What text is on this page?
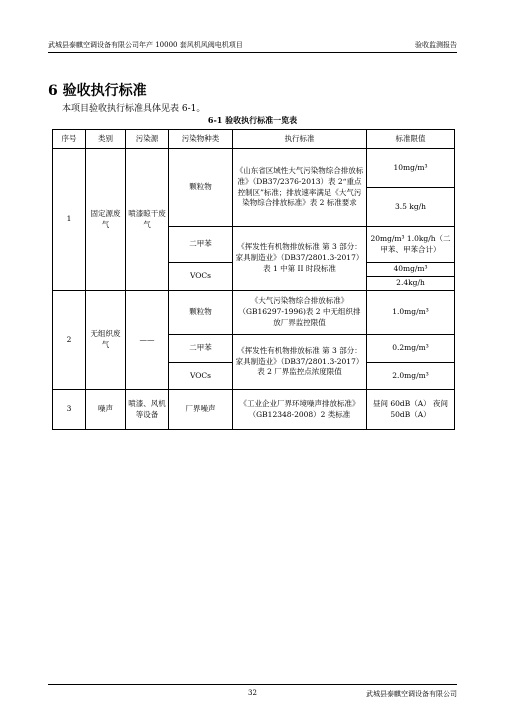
武城县泰麒空调设备有限公司年产 10000 套风机风阀电机项目	验收监测报告
6 验收执行标准
本项目验收执行标准具体见表 6-1。
6-1 验收执行标准一览表
序号	类别	污染源	污染物种类	执行标准	标准限值
1	固定源废气	喷漆晾干废气	颗粒物	《山东省区域性大气污染物综合排放标准》（DB37/2376-2013）表 2“重点控制区”标准；排放速率满足《大气污染物综合排放标准》表 2 标准要求	10mg/m³
					3.5 kg/h
			二甲苯	《挥发性有机物排放标准 第 3 部分：家具制造业》（DB37/2801.3-2017）表 1 中第 II 时段标准	20mg/m³ 1.0kg/h（二甲苯、甲苯合计）
			VOCs		40mg/m³
					2.4kg/h
2	无组织废气	——	颗粒物	《大气污染物综合排放标准》（GB16297-1996)表 2 中无组织排放厂界监控限值	1.0mg/m³
			二甲苯	《挥发性有机物排放标准 第 3 部分：家具制造业》（DB37/2801.3-2017）表 2 厂界监控点浓度限值	0.2mg/m³
			VOCs		2.0mg/m³
3	噪声	喷漆、风机等设备	厂界噪声	《工业企业厂界环境噪声排放标准》（GB12348-2008）2 类标准	昼间 60dB（A） 夜间 50dB（A）
32	武城县泰麒空调设备有限公司
